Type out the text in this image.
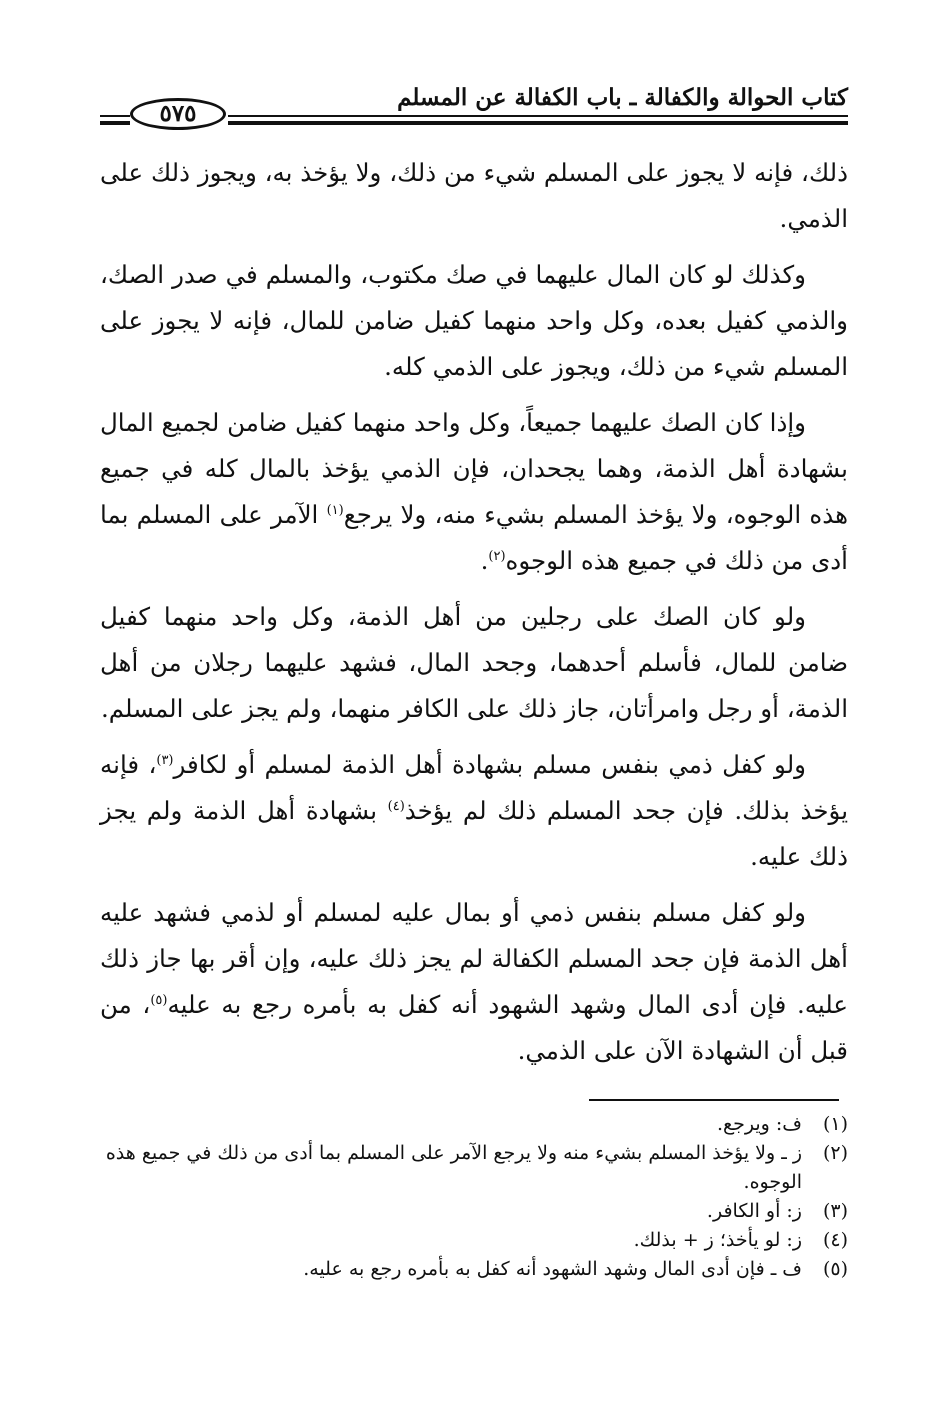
كتاب الحوالة والكفالة ـ باب الكفالة عن المسلم
٥٧٥

ذلك، فإنه لا يجوز على المسلم شيء من ذلك، ولا يؤخذ به، ويجوز ذلك على الذمي.

وكذلك لو كان المال عليهما في صك مكتوب، والمسلم في صدر الصك، والذمي كفيل بعده، وكل واحد منهما كفيل ضامن للمال، فإنه لا يجوز على المسلم شيء من ذلك، ويجوز على الذمي كله.

وإذا كان الصك عليهما جميعاً، وكل واحد منهما كفيل ضامن لجميع المال بشهادة أهل الذمة، وهما يجحدان، فإن الذمي يؤخذ بالمال كله في جميع هذه الوجوه، ولا يؤخذ المسلم بشيء منه، ولا يرجع$^{(١)}$ الآمر على المسلم بما أدى من ذلك في جميع هذه الوجوه$^{(٢)}$.

ولو كان الصك على رجلين من أهل الذمة، وكل واحد منهما كفيل ضامن للمال، فأسلم أحدهما، وجحد المال، فشهد عليهما رجلان من أهل الذمة، أو رجل وامرأتان، جاز ذلك على الكافر منهما، ولم يجز على المسلم.

ولو كفل ذمي بنفس مسلم بشهادة أهل الذمة لمسلم أو لكافر$^{(٣)}$، فإنه يؤخذ بذلك. فإن جحد المسلم ذلك لم يؤخذ$^{(٤)}$ بشهادة أهل الذمة ولم يجز ذلك عليه.

ولو كفل مسلم بنفس ذمي أو بمال عليه لمسلم أو لذمي فشهد عليه أهل الذمة فإن جحد المسلم الكفالة لم يجز ذلك عليه، وإن أقر بها جاز ذلك عليه. فإن أدى المال وشهد الشهود أنه كفل به بأمره رجع به عليه$^{(٥)}$، من قبل أن الشهادة الآن على الذمي.

(١)
ف: ويرجع.
(٢)
ز ـ ولا يؤخذ المسلم بشيء منه ولا يرجع الآمر على المسلم بما أدى من ذلك في جميع هذه الوجوه.
(٣)
ز: أو الكافر.
(٤)
ز: لو يأخذ؛ ز + بذلك.
(٥)
ف ـ فإن أدى المال وشهد الشهود أنه كفل به بأمره رجع به عليه.
